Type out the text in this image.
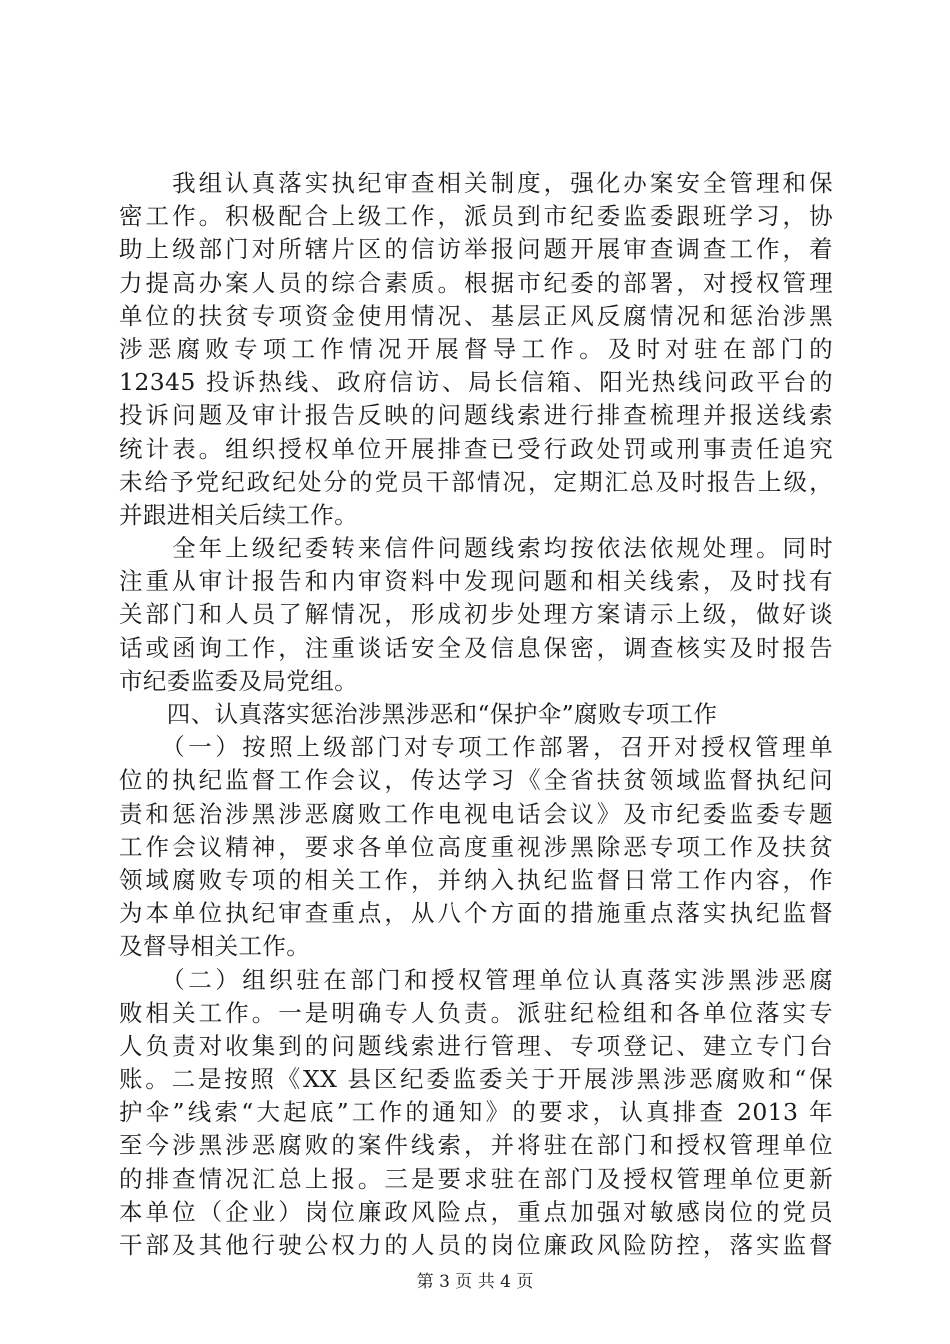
　　我组认真落实执纪审查相关制度，强化办案安全管理和保
密工作。积极配合上级工作，派员到市纪委监委跟班学习，协
助上级部门对所辖片区的信访举报问题开展审查调查工作，着
力提高办案人员的综合素质。根据市纪委的部署，对授权管理
单位的扶贫专项资金使用情况、基层正风反腐情况和惩治涉黑
涉恶腐败专项工作情况开展督导工作。及时对驻在部门的
12345 投诉热线、政府信访、局长信箱、阳光热线问政平台的
投诉问题及审计报告反映的问题线索进行排查梳理并报送线索
统计表。组织授权单位开展排查已受行政处罚或刑事责任追究
未给予党纪政纪处分的党员干部情况，定期汇总及时报告上级，
并跟进相关后续工作。
　　全年上级纪委转来信件问题线索均按依法依规处理。同时
注重从审计报告和内审资料中发现问题和相关线索，及时找有
关部门和人员了解情况，形成初步处理方案请示上级，做好谈
话或函询工作，注重谈话安全及信息保密，调查核实及时报告
市纪委监委及局党组。
　　四、认真落实惩治涉黑涉恶和“保护伞”腐败专项工作
　　（一）按照上级部门对专项工作部署，召开对授权管理单
位的执纪监督工作会议，传达学习《全省扶贫领域监督执纪问
责和惩治涉黑涉恶腐败工作电视电话会议》及市纪委监委专题
工作会议精神，要求各单位高度重视涉黑除恶专项工作及扶贫
领域腐败专项的相关工作，并纳入执纪监督日常工作内容，作
为本单位执纪审查重点，从八个方面的措施重点落实执纪监督
及督导相关工作。
　　（二）组织驻在部门和授权管理单位认真落实涉黑涉恶腐
败相关工作。一是明确专人负责。派驻纪检组和各单位落实专
人负责对收集到的问题线索进行管理、专项登记、建立专门台
账。二是按照《XX 县区纪委监委关于开展涉黑涉恶腐败和“保
护伞”线索“大起底”工作的通知》的要求，认真排查 2013 年
至今涉黑涉恶腐败的案件线索，并将驻在部门和授权管理单位
的排查情况汇总上报。三是要求驻在部门及授权管理单位更新
本单位（企业）岗位廉政风险点，重点加强对敏感岗位的党员
干部及其他行驶公权力的人员的岗位廉政风险防控，落实监督
第 3 页 共 4 页
